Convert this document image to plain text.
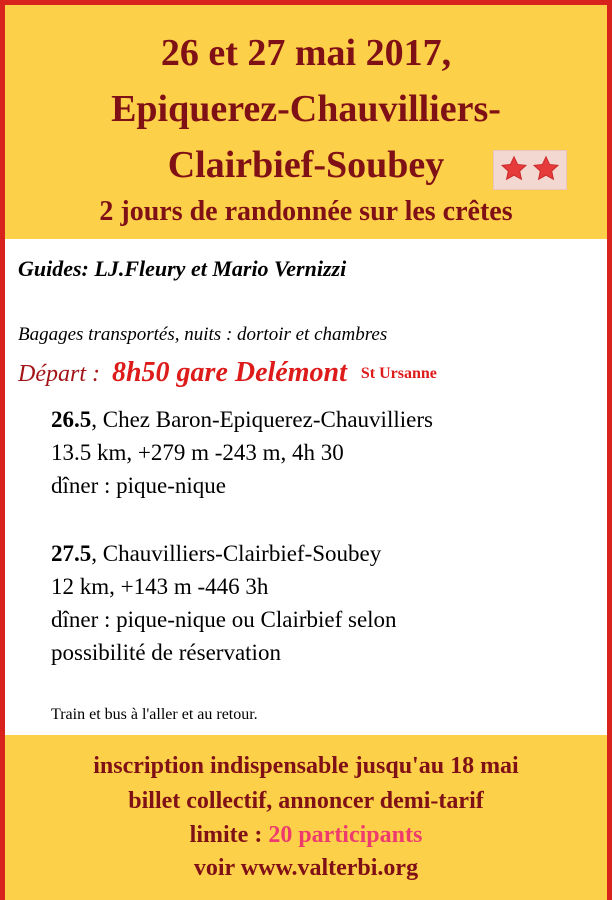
26 et 27 mai 2017,
Epiquerez-Chauvilliers-
Clairbief-Soubey
2 jours de randonnée sur les crêtes
Guides: LJ.Fleury et Mario Vernizzi
Bagages transportés, nuits : dortoir et chambres
Départ : 8h50 gare Delémont St Ursanne
26.5, Chez Baron-Epiquerez-Chauvilliers
13.5 km, +279 m -243 m, 4h 30
dîner : pique-nique
27.5, Chauvilliers-Clairbief-Soubey
12 km, +143 m -446 3h
dîner : pique-nique ou Clairbief selon
possibilité de réservation
Train et bus à l'aller et au retour.
inscription indispensable jusqu'au 18 mai
billet collectif, annoncer demi-tarif
limite : 20 participants
voir www.valterbi.org
